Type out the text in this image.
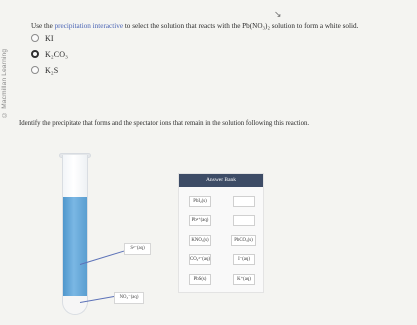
© Macmillan Learning
↘
Use the precipitation interactive to select the solution that reacts with the Pb(NO₃)₂ solution to form a white solid.
KI
K₂CO₃
K₂S
Identify the precipitate that forms and the spectator ions that remain in the solution following this reaction.
S²⁻(aq)
NO₃⁻(aq)
Answer Bank
PbI₂(s)
Pb²⁺(aq)
KNO₃(s)	PbCO₃(s)
CO₃²⁻(aq)	I⁻(aq)
PbS(s)	K⁺(aq)
